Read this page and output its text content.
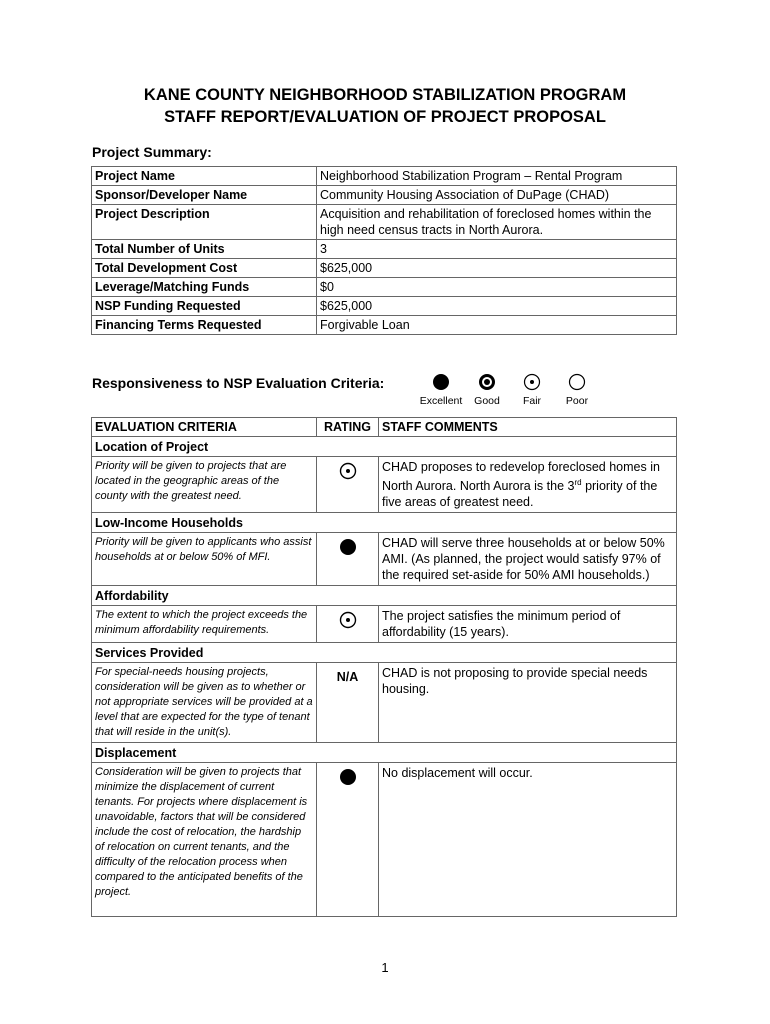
KANE COUNTY NEIGHBORHOOD STABILIZATION PROGRAM
STAFF REPORT/EVALUATION OF PROJECT PROPOSAL
Project Summary:
Project Name	Neighborhood Stabilization Program – Rental Program
Sponsor/Developer Name	Community Housing Association of DuPage (CHAD)
Project Description	Acquisition and rehabilitation of foreclosed homes within the high need census tracts in North Aurora.
Total Number of Units	3
Total Development Cost	$625,000
Leverage/Matching Funds	$0
NSP Funding Requested	$625,000
Financing Terms Requested	Forgivable Loan
Responsiveness to NSP Evaluation Criteria:
Excellent	Good	Fair	Poor
EVALUATION CRITERIA	RATING	STAFF COMMENTS
Location of Project		
Priority will be given to projects that are located in the geographic areas of the county with the greatest need.		CHAD proposes to redevelop foreclosed homes in North Aurora. North Aurora is the 3rd priority of the five areas of greatest need.
Low-Income Households		
Priority will be given to applicants who assist households at or below 50% of MFI.		CHAD will serve three households at or below 50% AMI. (As planned, the project would satisfy 97% of the required set-aside for 50% AMI households.)
Affordability		
The extent to which the project exceeds the minimum affordability requirements.		The project satisfies the minimum period of affordability (15 years).
Services Provided		
For special-needs housing projects, consideration will be given as to whether or not appropriate services will be provided at a level that are expected for the type of tenant that will reside in the unit(s).	N/A	CHAD is not proposing to provide special needs housing.
Displacement		
Consideration will be given to projects that minimize the displacement of current tenants. For projects where displacement is unavoidable, factors that will be considered include the cost of relocation, the hardship of relocation on current tenants, and the difficulty of the relocation process when compared to the anticipated benefits of the project.		No displacement will occur.
1
